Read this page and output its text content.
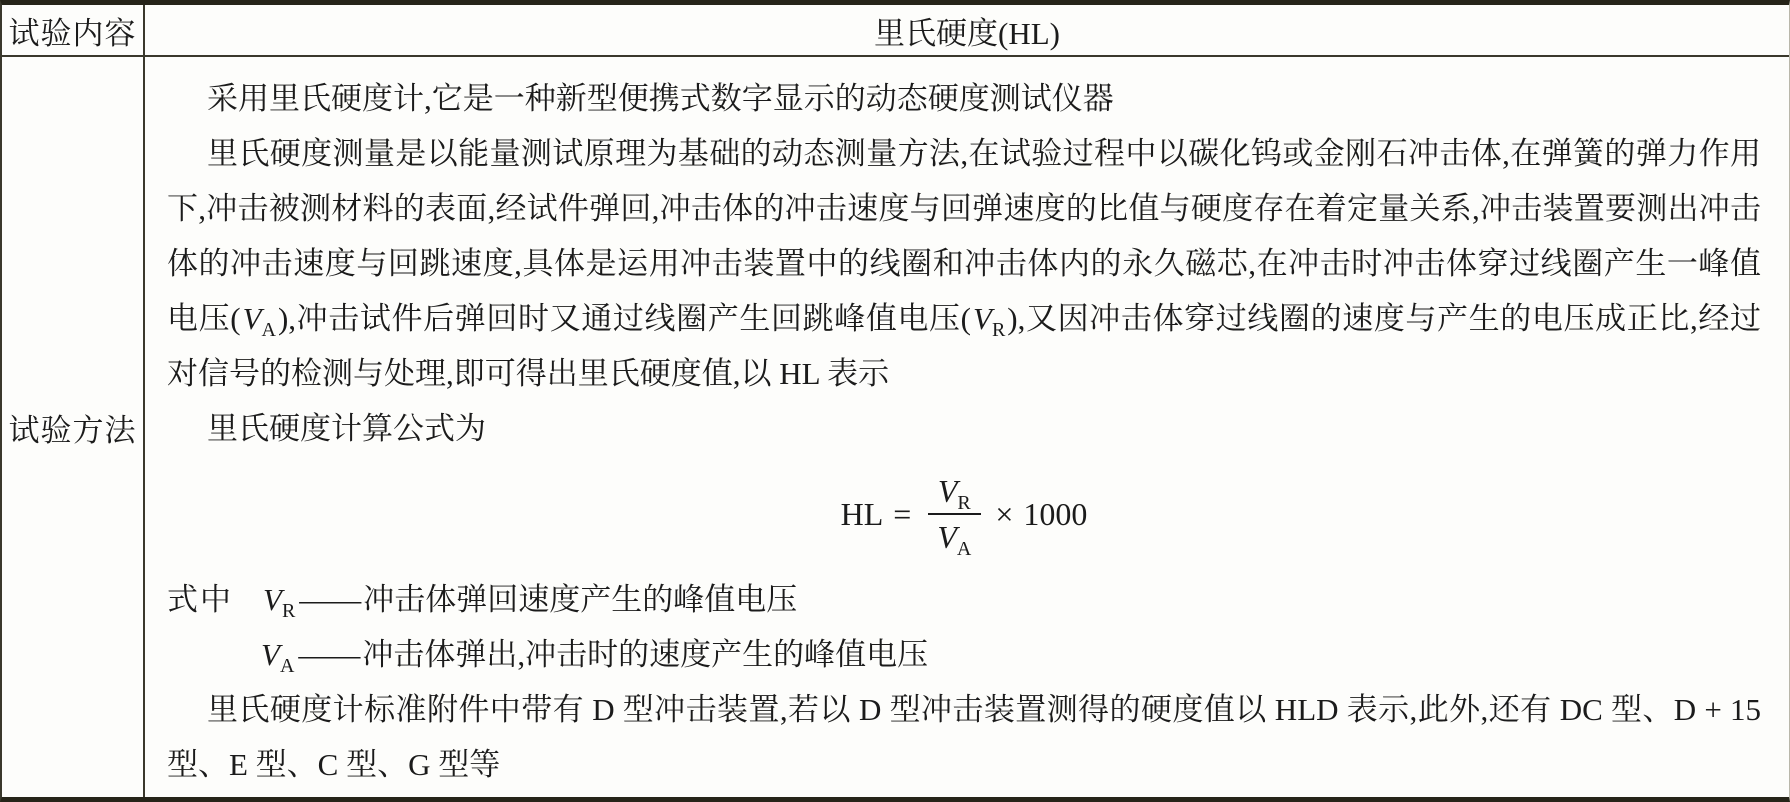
试验内容	里氏硬度(HL)
试验方法

采用里氏硬度计,它是一种新型便携式数字显示的动态硬度测试仪器

里氏硬度测量是以能量测试原理为基础的动态测量方法,在试验过程中以碳化钨或金刚石冲击体,在弹簧的弹力作用下,冲击被测材料的表面,经试件弹回,冲击体的冲击速度与回弹速度的比值与硬度存在着定量关系,冲击装置要测出冲击体的冲击速度与回跳速度,具体是运用冲击装置中的线圈和冲击体内的永久磁芯,在冲击时冲击体穿过线圈产生一峰值电压$(V_A)$,冲击试件后弹回时又通过线圈产生回跳峰值电压$(V_R)$,又因冲击体穿过线圈的速度与产生的电压成正比,经过对信号的检测与处理,即可得出里氏硬度值,以 HL 表示

里氏硬度计算公式为

HL = $\frac{V_R}{V_A} \times 1000$

式中 $V_R$ ——冲击体弹回速度产生的峰值电压

$V_A$ ——冲击体弹出,冲击时的速度产生的峰值电压

里氏硬度计标准附件中带有 D 型冲击装置,若以 D 型冲击装置测得的硬度值以 HLD 表示,此外,还有 DC 型、D + 15 型、E 型、C 型、G 型等
